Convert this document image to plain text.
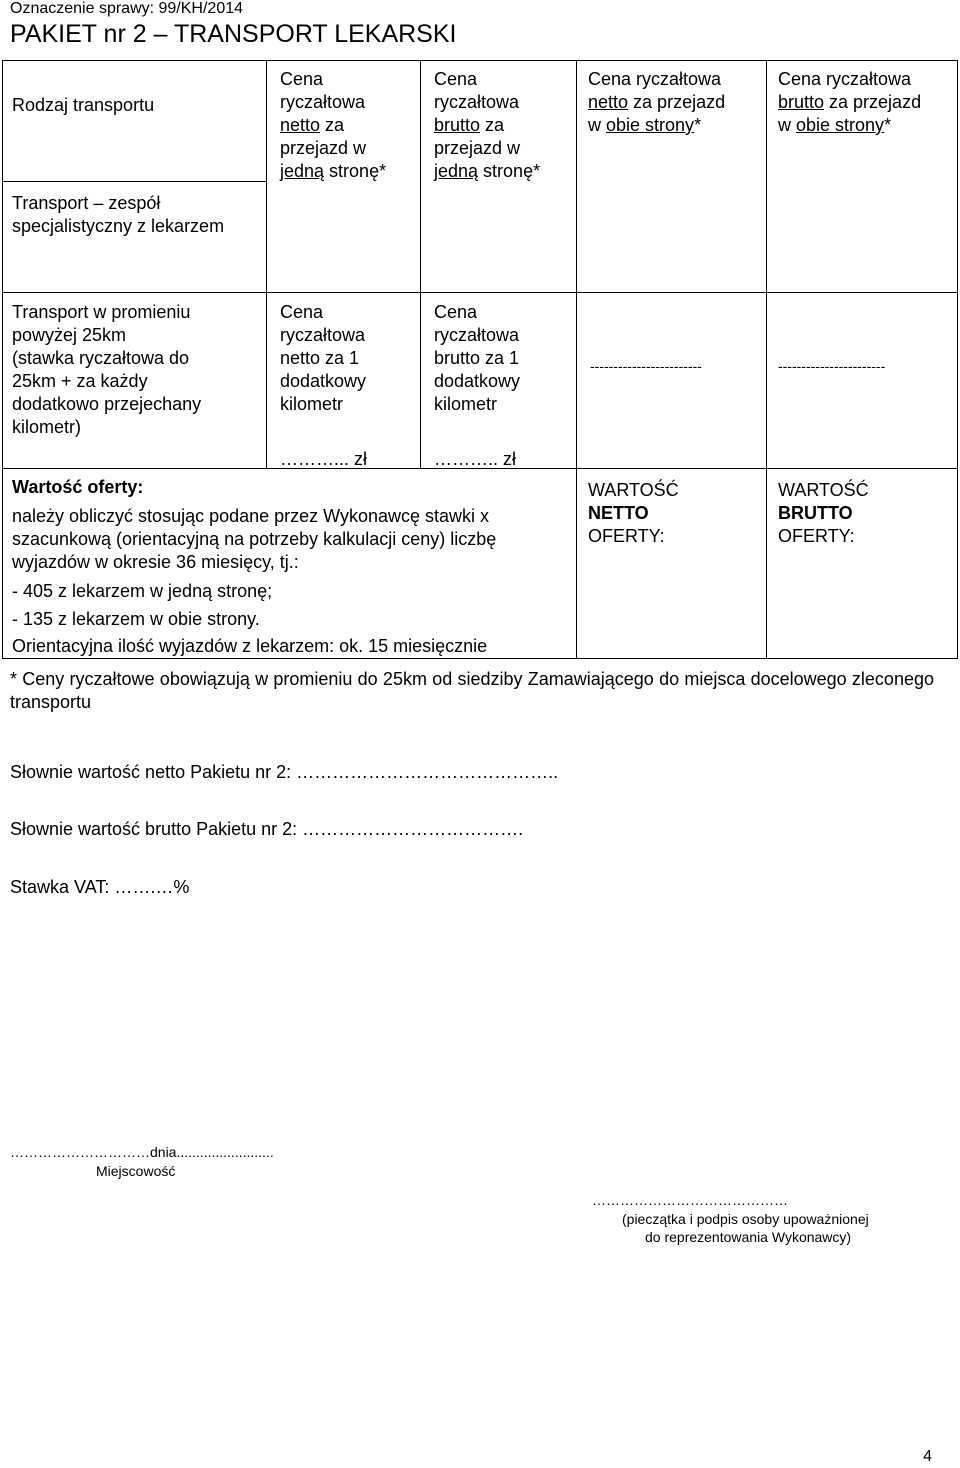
Oznaczenie sprawy: 99/KH/2014
PAKIET nr 2 – TRANSPORT LEKARSKI
Rodzaj transportu
Cena
ryczałtowa
netto za
przejazd w
jedną stronę*
Cena
ryczałtowa
brutto za
przejazd w
jedną stronę*
Cena ryczałtowa
netto za przejazd
w obie strony*
Cena ryczałtowa
brutto za przejazd
w obie strony*
Transport – zespół
specjalistyczny z lekarzem
Transport w promieniu
powyżej 25km
(stawka ryczałtowa do
25km + za każdy
dodatkowo przejechany
kilometr)
Cena
ryczałtowa
netto za 1
dodatkowy
kilometr
………... zł
Cena
ryczałtowa
brutto za 1
dodatkowy
kilometr
……….. zł
------------------------	-----------------------
Wartość oferty:
należy obliczyć stosując podane przez Wykonawcę stawki x
szacunkową (orientacyjną na potrzeby kalkulacji ceny) liczbę
wyjazdów w okresie 36 miesięcy, tj.:
- 405 z lekarzem w jedną stronę;
- 135 z lekarzem w obie strony.
Orientacyjna ilość wyjazdów z lekarzem: ok. 15 miesięcznie
WARTOŚĆ
NETTO
OFERTY:
WARTOŚĆ
BRUTTO
OFERTY:
* Ceny ryczałtowe obowiązują w promieniu do 25km od siedziby Zamawiającego do miejsca docelowego zleconego transportu
Słownie wartość netto Pakietu nr 2: ……………………………………..
Słownie wartość brutto Pakietu nr 2: ……………………………….
Stawka VAT: …….…%
…………………………dnia.........................
Miejscowość
……………………………………
(pieczątka i podpis osoby upoważnionej
do reprezentowania Wykonawcy)
4
